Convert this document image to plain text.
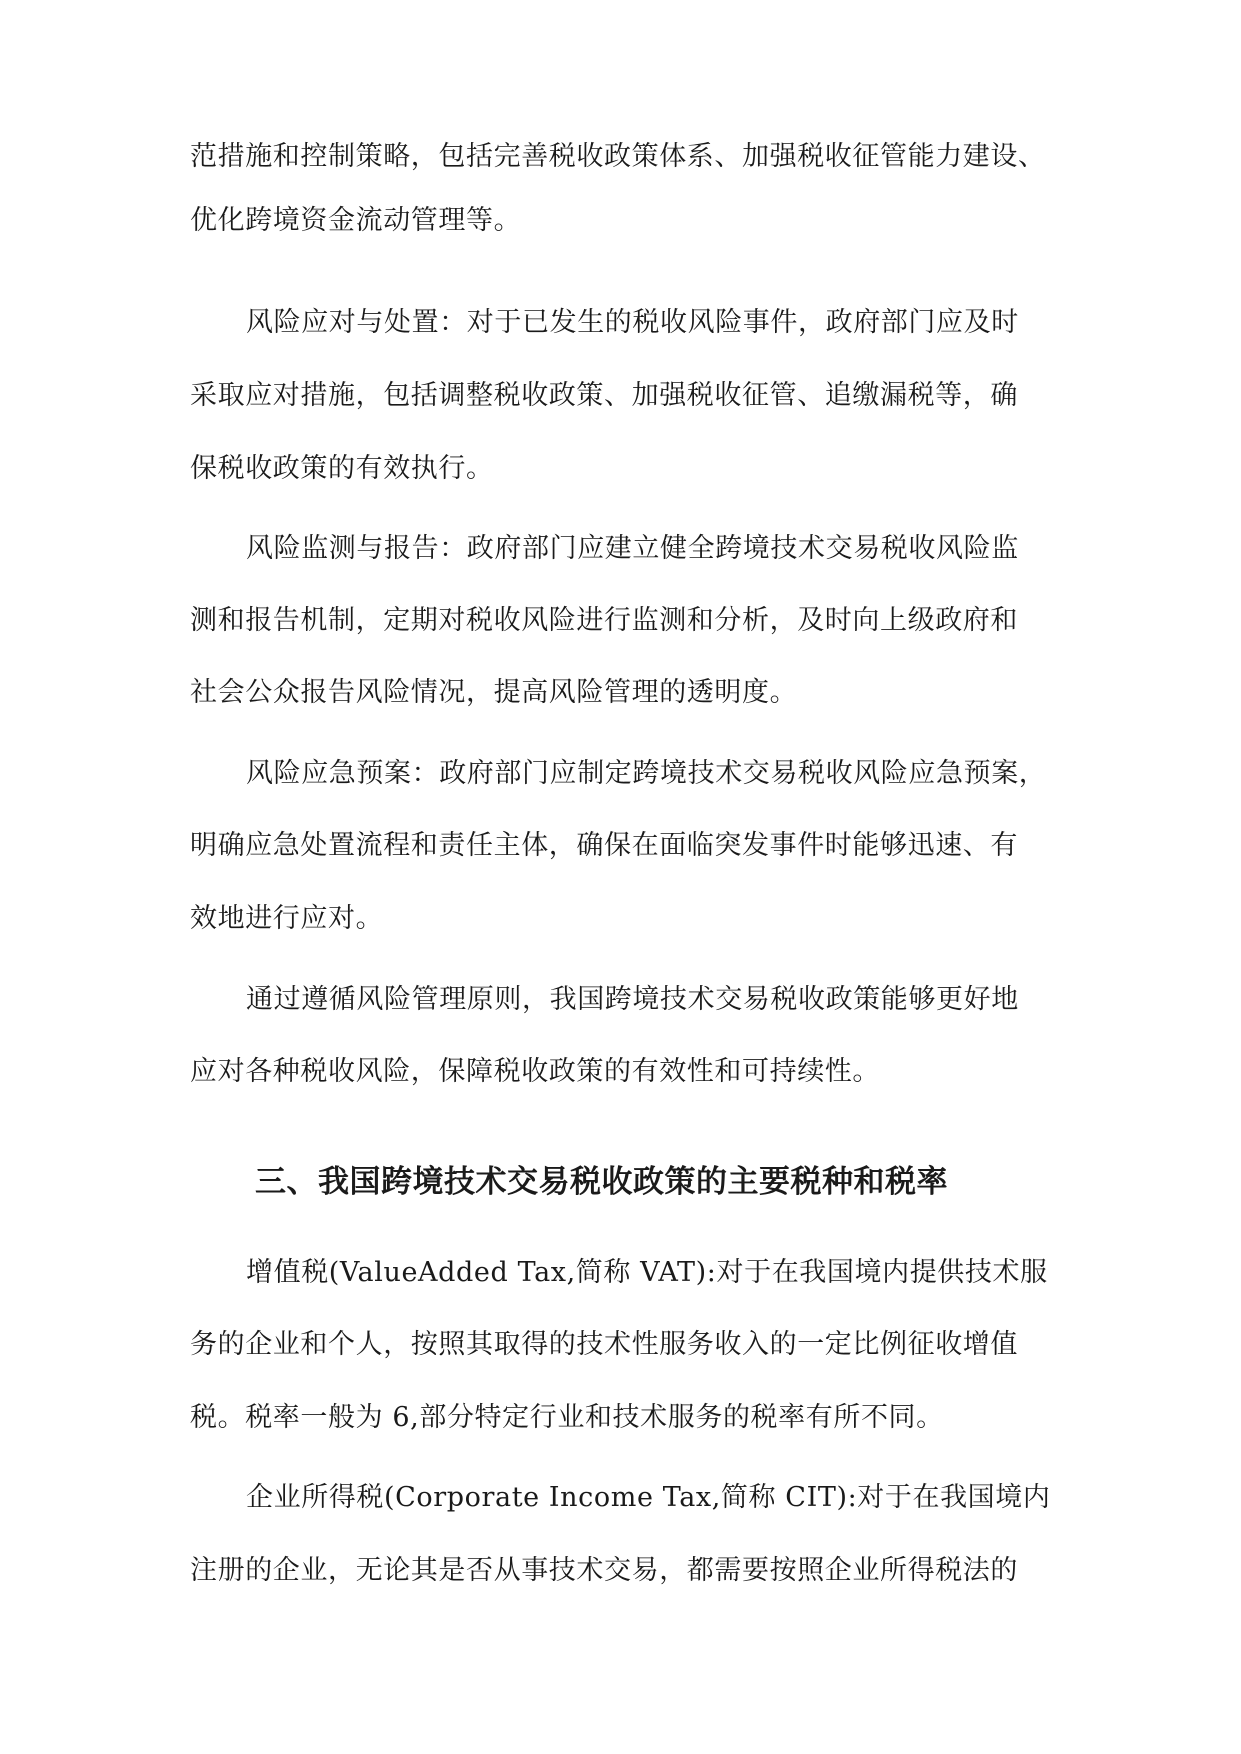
范措施和控制策略，包括完善税收政策体系、加强税收征管能力建设、
优化跨境资金流动管理等。
风险应对与处置：对于已发生的税收风险事件，政府部门应及时
采取应对措施，包括调整税收政策、加强税收征管、追缴漏税等，确
保税收政策的有效执行。
风险监测与报告：政府部门应建立健全跨境技术交易税收风险监
测和报告机制，定期对税收风险进行监测和分析，及时向上级政府和
社会公众报告风险情况，提高风险管理的透明度。
风险应急预案：政府部门应制定跨境技术交易税收风险应急预案，
明确应急处置流程和责任主体，确保在面临突发事件时能够迅速、有
效地进行应对。
通过遵循风险管理原则，我国跨境技术交易税收政策能够更好地
应对各种税收风险，保障税收政策的有效性和可持续性。
三、我国跨境技术交易税收政策的主要税种和税率
增值税(ValueAdded Tax,简称 VAT):对于在我国境内提供技术服
务的企业和个人，按照其取得的技术性服务收入的一定比例征收增值
税。税率一般为 6,部分特定行业和技术服务的税率有所不同。
企业所得税(Corporate Income Tax,简称 CIT):对于在我国境内
注册的企业，无论其是否从事技术交易，都需要按照企业所得税法的
